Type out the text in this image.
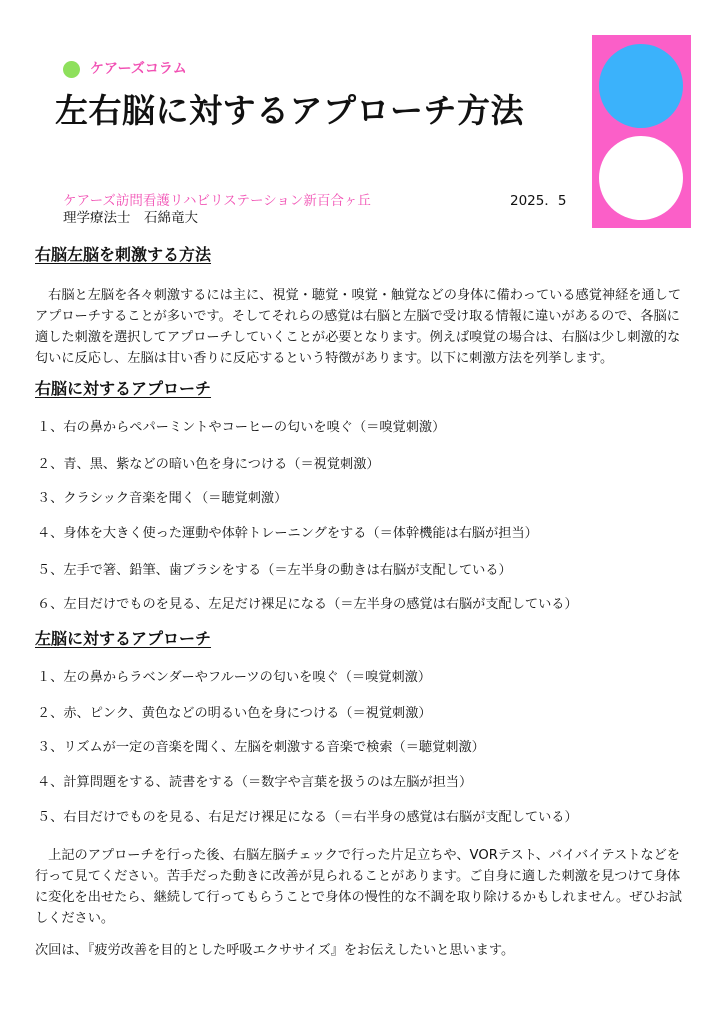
ケアーズコラム
左右脳に対するアプローチ方法
ケアーズ訪問看護リハビリステーション新百合ヶ丘	2025．5
理学療法士　石綿竜大
右脳左脳を刺激する方法

　右脳と左脳を各々刺激するには主に、視覚・聴覚・嗅覚・触覚などの身体に備わっている感覚神経を通してアプローチすることが多いです。そしてそれらの感覚は右脳と左脳で受け取る情報に違いがあるので、各脳に適した刺激を選択してアプローチしていくことが必要となります。例えば嗅覚の場合は、右脳は少し刺激的な匂いに反応し、左脳は甘い香りに反応するという特徴があります。以下に刺激方法を列挙します。

右脳に対するアプローチ
１、右の鼻からペパーミントやコーヒーの匂いを嗅ぐ（＝嗅覚刺激）
２、青、黒、紫などの暗い色を身につける（＝視覚刺激）
３、クラシック音楽を聞く（＝聴覚刺激）
４、身体を大きく使った運動や体幹トレーニングをする（＝体幹機能は右脳が担当）
５、左手で箸、鉛筆、歯ブラシをする（＝左半身の動きは右脳が支配している）
６、左目だけでものを見る、左足だけ裸足になる（＝左半身の感覚は右脳が支配している）
左脳に対するアプローチ
１、左の鼻からラベンダーやフルーツの匂いを嗅ぐ（＝嗅覚刺激）
２、赤、ピンク、黄色などの明るい色を身につける（＝視覚刺激）
３、リズムが一定の音楽を聞く、左脳を刺激する音楽で検索（＝聴覚刺激）
４、計算問題をする、読書をする（＝数字や言葉を扱うのは左脳が担当）
５、右目だけでものを見る、右足だけ裸足になる（＝右半身の感覚は右脳が支配している）

　上記のアプローチを行った後、右脳左脳チェックで行った片足立ちや、VORテスト、バイバイテストなどを行って見てください。苦手だった動きに改善が見られることがあります。ご自身に適した刺激を見つけて身体に変化を出せたら、継続して行ってもらうことで身体の慢性的な不調を取り除けるかもしれません。ぜひお試しください。

次回は、『疲労改善を目的とした呼吸エクササイズ』をお伝えしたいと思います。
